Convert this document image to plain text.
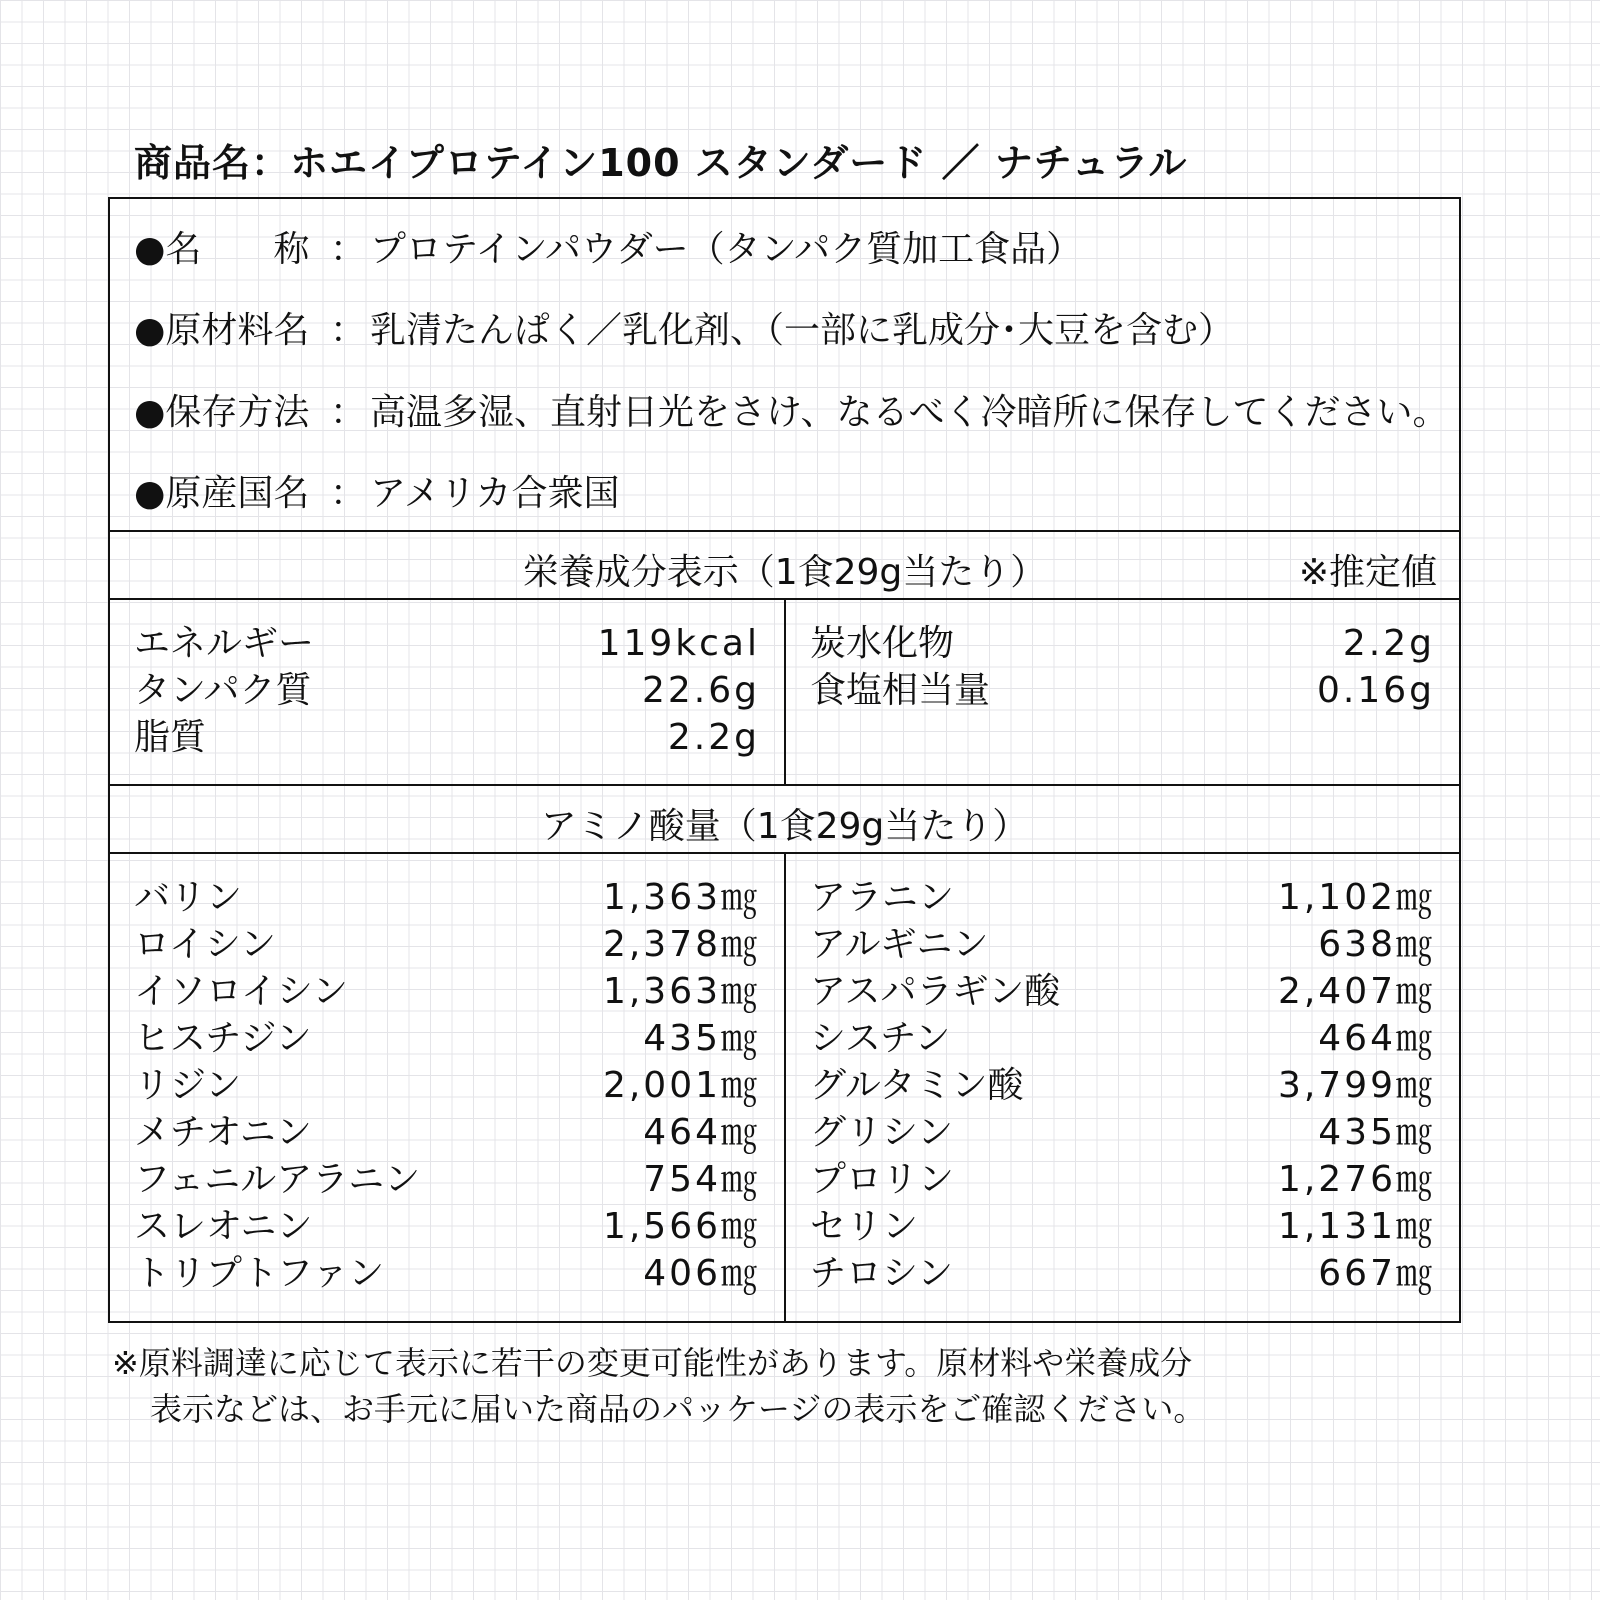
商品名：ホエイプロテイン100 スタンダード ／ ナチュラル
●名　　称 ： プロテインパウダー（タンパク質加工食品）
●原材料名 ： 乳清たんぱく／乳化剤、（一部に乳成分･大豆を含む）
●保存方法 ： 高温多湿、直射日光をさけ、なるべく冷暗所に保存してください。
●原産国名 ： アメリカ合衆国
栄養成分表示（1食29g当たり）	※推定値
エネルギー	119kcal
タンパク質	22.6g
脂質	2.2g
炭水化物	2.2g
食塩相当量	0.16g
アミノ酸量（1食29g当たり）
バリン	1,363㎎
ロイシン	2,378㎎
イソロイシン	1,363㎎
ヒスチジン	435㎎
リジン	2,001㎎
メチオニン	464㎎
フェニルアラニン	754㎎
スレオニン	1,566㎎
トリプトファン	406㎎
アラニン	1,102㎎
アルギニン	638㎎
アスパラギン酸	2,407㎎
シスチン	464㎎
グルタミン酸	3,799㎎
グリシン	435㎎
プロリン	1,276㎎
セリン	1,131㎎
チロシン	667㎎
※原料調達に応じて表示に若干の変更可能性があります。原材料や栄養成分
表示などは、お手元に届いた商品のパッケージの表示をご確認ください。
